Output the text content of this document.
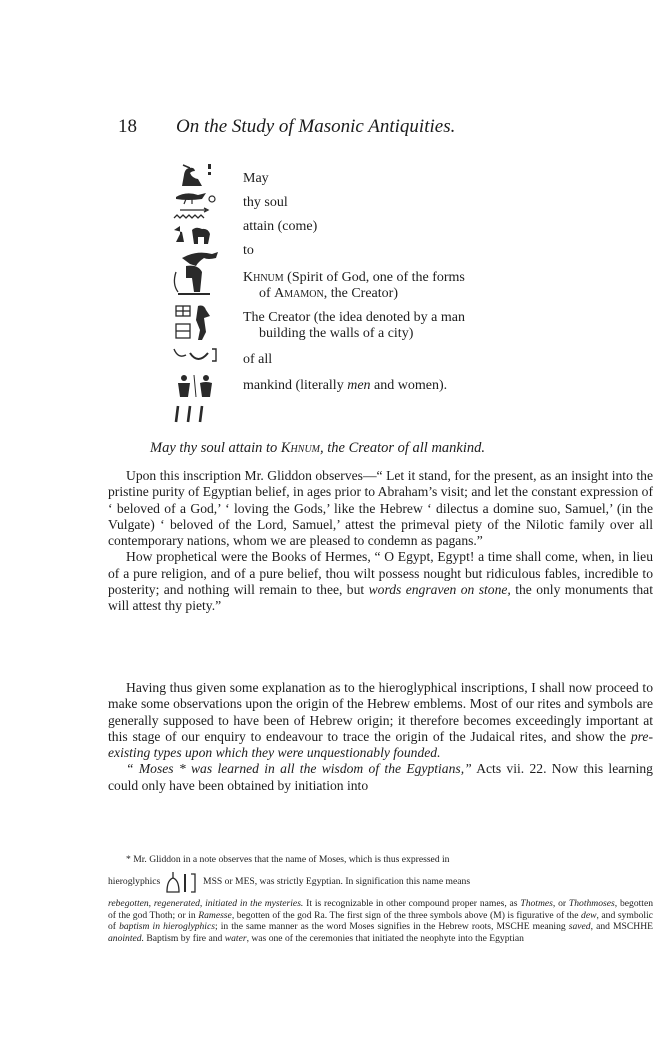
18 On the Study of Masonic Antiquities.
May
thy soul
attain (come)
to
Khnum (Spirit of God, one of the forms
of Amamon, the Creator)
The Creator (the idea denoted by a man
building the walls of a city)
of all
mankind (literally men and women).
May thy soul attain to Khnum, the Creator of all mankind.

Upon this inscription Mr. Gliddon observes—“ Let it stand, for the present, as an insight into the pristine purity of Egyptian belief, in ages prior to Abraham’s visit; and let the constant expression of ‘ beloved of a God,’ ‘ loving the Gods,’ like the Hebrew ‘ dilectus a domine suo, Samuel,’ (in the Vulgate) ‘ beloved of the Lord, Samuel,’ attest the primeval piety of the Nilotic family over all contemporary nations, whom we are pleased to condemn as pagans.”

How prophetical were the Books of Hermes, “ O Egypt, Egypt! a time shall come, when, in lieu of a pure religion, and of a pure belief, thou wilt possess nought but ridiculous fables, incredible to posterity; and nothing will remain to thee, but words engraven on stone, the only monuments that will attest thy piety.”

Having thus given some explanation as to the hieroglyphical inscriptions, I shall now proceed to make some observations upon the origin of the Hebrew emblems. Most of our rites and symbols are generally supposed to have been of Hebrew origin; it therefore becomes exceedingly important at this stage of our enquiry to endeavour to trace the origin of the Judaical rites, and show the pre-existing types upon which they were unquestionably founded.

“ Moses * was learned in all the wisdom of the Egyptians,” Acts vii. 22. Now this learning could only have been obtained by initiation into

* Mr. Gliddon in a note observes that the name of Moses, which is thus expressed in

hieroglyphics	MSS or MES, was strictly Egyptian. In signification this name means

rebegotten, regenerated, initiated in the mysteries. It is recognizable in other compound proper names, as Thotmes, or Thothmoses, begotten of the god Thoth; or in Ramesse, begotten of the god Ra. The first sign of the three symbols above (M) is figurative of the dew, and symbolic of baptism in hieroglyphics; in the same manner as the word Moses signifies in the Hebrew roots, MSCHE meaning saved, and MSCHHE anointed. Baptism by fire and water, was one of the ceremonies that initiated the neophyte into the Egyptian
